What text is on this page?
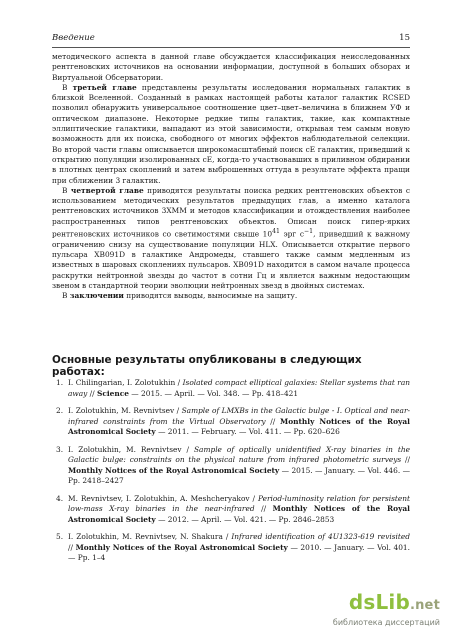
Введение	15

методического аспекта в данной главе обсуждается классификация неисследованных рентгеновских источников на основании информации, доступной в больших обзорах и Виртуальной Обсерватории.

В третьей главе представлены результаты исследования нормальных галактик в близкой Вселенной. Созданный в рамках настоящей работы каталог галактик RCSED позволил обнаружить универсальное соотношение цвет–цвет–величина в ближнем УФ и оптическом диапазоне. Некоторые редкие типы галактик, такие, как компактные эллиптические галактики, выпадают из этой зависимости, открывая тем самым новую возможность для их поиска, свободного от многих эффектов наблюдательной селекции. Во второй части главы описывается широкомасштабный поиск cE галактик, приведший к открытию популяции изолированных cE, когда-то участвовавших в приливном обдирании в плотных центрах скоплений и затем выброшенных оттуда в результате эффекта пращи при сближении 3 галактик.

В четвертой главе приводятся результаты поиска редких рентгеновских объектов с использованием методических результатов предыдущих глав, а именно каталога рентгеновских источников 3XMM и методов классификации и отождествления наиболее распространенных типов рентгеновских объектов. Описан поиск гипер-ярких рентгеновских источников со светимостями свыше $10^{41}$ эрг $с^{-1}$, приведший к важному ограничению снизу на существование популяции HLX. Описывается открытие первого пульсара XB091D в галактике Андромеды, ставшего также самым медленным из известных в шаровых скоплениях пульсаров. XB091D находится в самом начале процесса раскрутки нейтронной звезды до частот в сотни Гц и является важным недостающим звеном в стандартной теории эволюции нейтронных звезд в двойных системах.

В заключении приводятся выводы, выносимые на защиту.

Основные результаты опубликованы в следующих работах:
1. I. Chilingarian, I. Zolotukhin / Isolated compact elliptical galaxies: Stellar systems that ran away // Science — 2015. — April. — Vol. 348. — Pp. 418–421
2. I. Zolotukhin, M. Revnivtsev / Sample of LMXBs in the Galactic bulge - I. Optical and near-infrared constraints from the Virtual Observatory // Monthly Notices of the Royal Astronomical Society — 2011. — February. — Vol. 411. — Pp. 620–626
3. I. Zolotukhin, M. Revnivtsev / Sample of optically unidentified X-ray binaries in the Galactic bulge: constraints on the physical nature from infrared photometric surveys // Monthly Notices of the Royal Astronomical Society — 2015. — January. — Vol. 446. — Pp. 2418–2427
4. M. Revnivtsev, I. Zolotukhin, A. Meshcheryakov / Period-luminosity relation for persistent low-mass X-ray binaries in the near-infrared // Monthly Notices of the Royal Astronomical Society — 2012. — April. — Vol. 421. — Pp. 2846–2853
5. I. Zolotukhin, M. Revnivtsev, N. Shakura / Infrared identification of 4U1323-619 revisited // Monthly Notices of the Royal Astronomical Society — 2010. — January. — Vol. 401. — Pp. 1–4
dsLib.net
библиотека диссертаций
